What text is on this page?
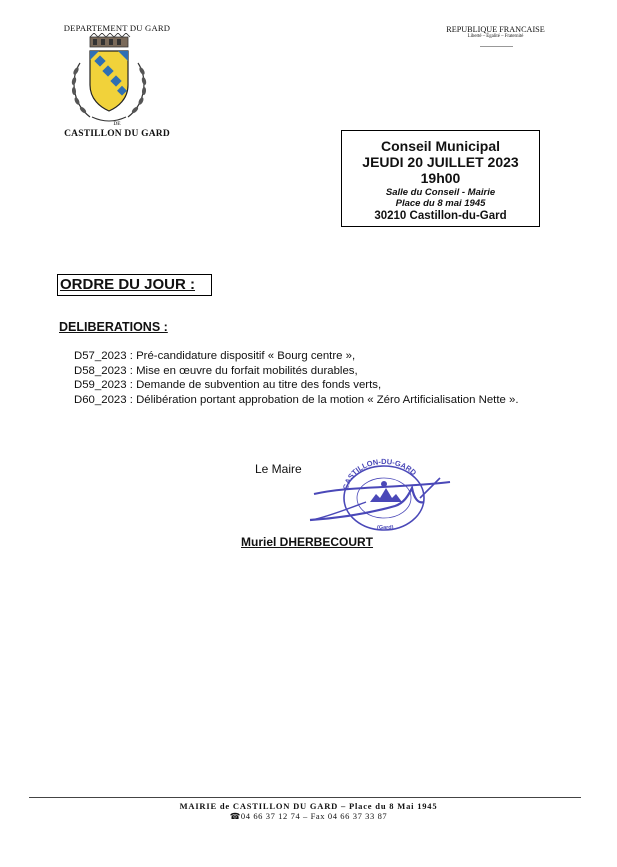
DEPARTEMENT DU GARD
DE
CASTILLON DU GARD
REPUBLIQUE FRANCAISE
Liberté – Égalité – Fraternité
Conseil Municipal
JEUDI 20 JUILLET 2023
19h00
Salle du Conseil - Mairie
Place du 8 mai 1945
30210 Castillon-du-Gard
ORDRE DU JOUR :
DELIBERATIONS :
D57_2023 : Pré-candidature dispositif « Bourg centre »,
D58_2023 : Mise en œuvre du forfait mobilités durables,
D59_2023 : Demande de subvention au titre des fonds verts,
D60_2023 : Délibération portant approbation de la motion « Zéro Artificialisation Nette ».
Le Maire
CASTILLON-DU-GARD
(Gard)
Muriel DHERBECOURT
MAIRIE de CASTILLON DU GARD – Place du 8 Mai 1945
☎04 66 37 12 74 – Fax 04 66 37 33 87
